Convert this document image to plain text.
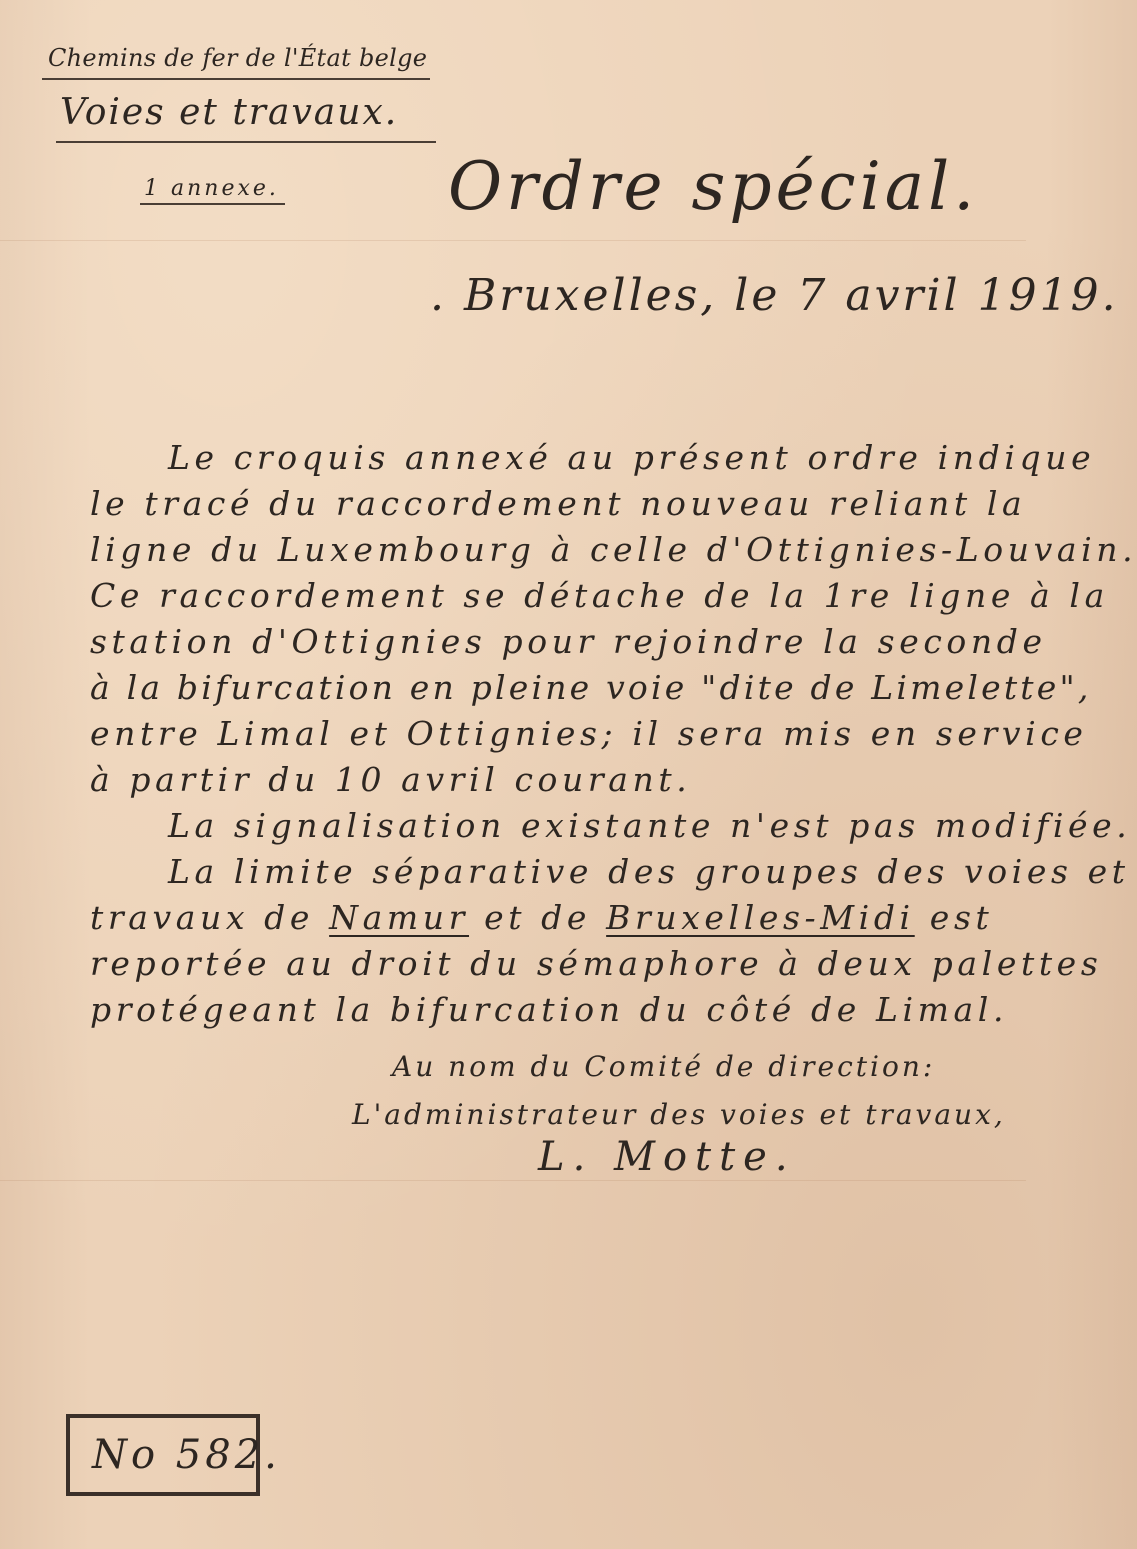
Chemins de fer de l'État belge
Voies et travaux.
1 annexe.	Ordre spécial.
. Bruxelles, le 7 avril 1919.
Le croquis annexé au présent ordre indique
le tracé du raccordement nouveau reliant la
ligne du Luxembourg à celle d'Ottignies-Louvain.
Ce raccordement se détache de la 1re ligne à la
station d'Ottignies pour rejoindre la seconde
à la bifurcation en pleine voie "dite de Limelette",
entre Limal et Ottignies; il sera mis en service
à partir du 10 avril courant.
La signalisation existante n'est pas modifiée.
La limite séparative des groupes des voies et
travaux de Namur et de Bruxelles-Midi est
reportée au droit du sémaphore à deux palettes
protégeant la bifurcation du côté de Limal.
Au nom du Comité de direction:
L'administrateur des voies et travaux,
L. Motte.
No 582.
